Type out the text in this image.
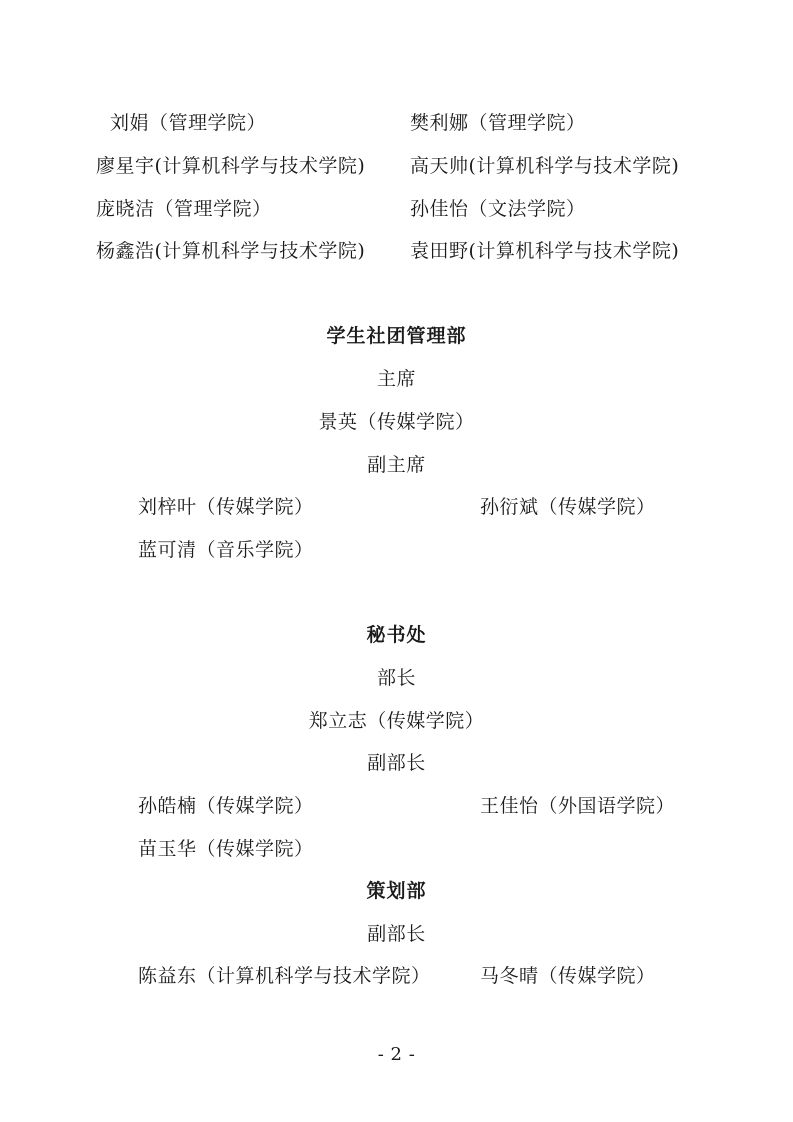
刘娟（管理学院）	樊利娜（管理学院）
廖星宇(计算机科学与技术学院) 高天帅(计算机科学与技术学院)
庞晓洁（管理学院）	孙佳怡（文法学院）
杨鑫浩(计算机科学与技术学院) 袁田野(计算机科学与技术学院)
学生社团管理部
主席
景英（传媒学院）
副主席
刘梓叶（传媒学院）	孙衍斌（传媒学院）
蓝可清（音乐学院）
秘书处
部长
郑立志（传媒学院）
副部长
孙皓楠（传媒学院）	王佳怡（外国语学院）
苗玉华（传媒学院）
策划部
副部长
陈益东（计算机科学与技术学院）	马冬晴（传媒学院）
- 2 -
